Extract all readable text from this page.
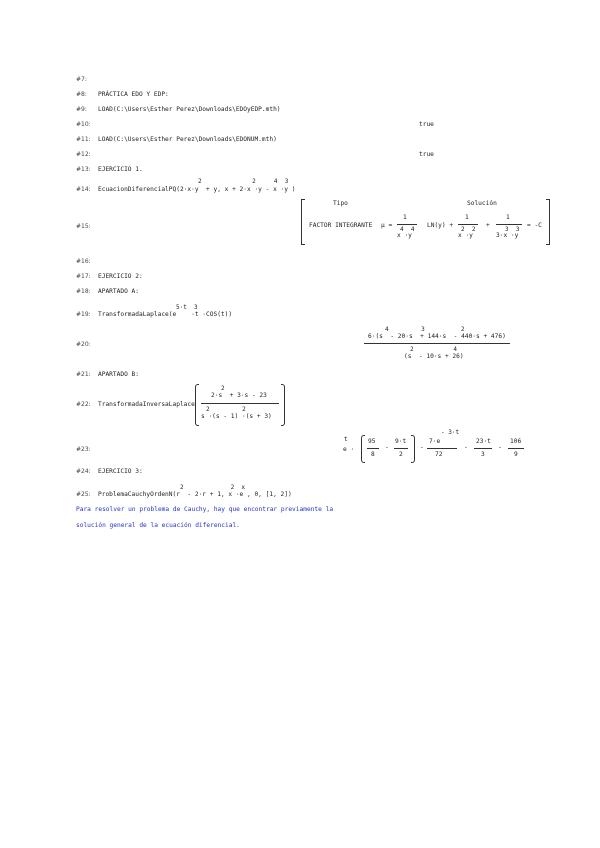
#7:
#8: PRÁCTICA EDO Y EDP:
#9: LOAD(C:\Users\Esther Perez\Downloads\EDOyEDP.mth)
#10:	true
#11: LOAD(C:\Users\Esther Perez\Downloads\EDONUM.mth)
#12:	true
#13: EJERCICIO 1.
2              2     4  3
#14: EcuacionDiferencialPQ(2·x·y  + y, x + 2·x ·y - x ·y )
#15:
Tipo	Solución
FACTOR INTEGRANTE μ =
1
4  4
x ·y
LN(y) +
1
2  2
x ·y
+
1
3  3
3·x ·y
= -C
#16:
#17: EJERCICIO 2:
#18: APARTADO A:
5·t  3
#19: TransformadaLaplace(e    ·t ·COS(t))
#20:
4         3          2
6·(s  - 20·s  + 144·s  - 440·s + 476)
2           4
(s  - 10·s + 26)
#21: APARTADO B:
#22: TransformadaInversaLaplace
2
2·s  + 3·s - 23
2         2
s ·(s - 1) ·(s + 3)
#23:
t
e ·
95
8
-
9·t
2
-
- 3·t
7·e
72
-
23·t
3
-
106
9
#24: EJERCICIO 3:
2             2  x
#25: ProblemaCauchyOrdenN(r  - 2·r + 1, x ·e , 0, [1, 2])
Para resolver un problema de Cauchy, hay que encontrar previamente la
solución general de la ecuación diferencial.
